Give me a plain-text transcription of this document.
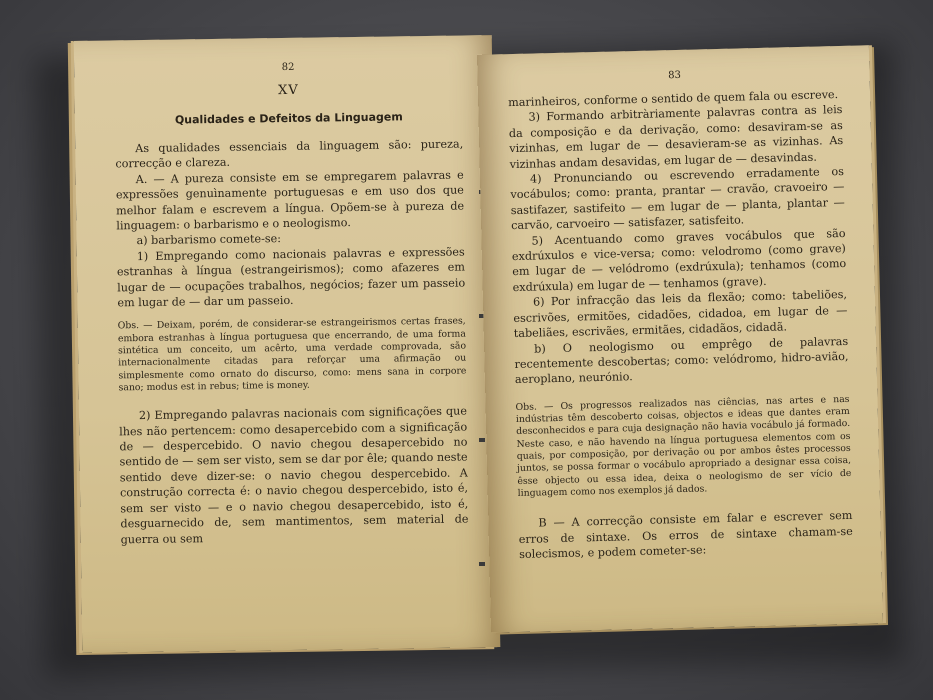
82
XV
Qualidades e Defeitos da Linguagem

As qualidades essenciais da linguagem são: pureza, correcção e clareza.

A. — A pureza consiste em se empregarem palavras e expressões genuìnamente portuguesas e em uso dos que melhor falam e escrevem a língua. Opõem-se à pureza de linguagem: o barbarismo e o neologismo.

a) barbarismo comete-se:

1) Empregando como nacionais palavras e expressões estranhas à língua (estrangeirismos); como afazeres em lugar de — ocupações trabalhos, negócios; fazer um passeio em lugar de — dar um passeio.

Obs. — Deixam, porém, de considerar-se estrangeirismos certas frases, embora estranhas à língua portuguesa que encerrando, de uma forma sintética um conceito, um acêrto, uma verdade comprovada, são internacionalmente citadas para reforçar uma afirmação ou simplesmente como ornato do discurso, como: mens sana in corpore sano; modus est in rebus; time is money.

2) Empregando palavras nacionais com significações que lhes não pertencem: como desapercebido com a significação de — despercebido. O navio chegou desapercebido no sentido de — sem ser visto, sem se dar por êle; quando neste sentido deve dizer-se: o navio chegou despercebido. A construção correcta é: o navio chegou despercebido, isto é, sem ser visto — e o navio chegou desapercebido, isto é, desguarnecido de, sem mantimentos, sem material de guerra ou sem

83

marinheiros, conforme o sentido de quem fala ou escreve.

3) Formando arbitràriamente palavras contra as leis da composição e da derivação, como: desaviram-se as vizinhas, em lugar de — desavieram-se as vizinhas. As vizinhas andam desavidas, em lugar de — desavindas.

4) Pronunciando ou escrevendo erradamente os vocábulos; como: pranta, prantar — cravão, cravoeiro — sastifazer, sastifeito — em lugar de — planta, plantar — carvão, carvoeiro — satisfazer, satisfeito.

5) Acentuando como graves vocábulos que são exdrúxulos e vice-versa; como: velodromo (como grave) em lugar de — velódromo (exdrúxula); tenhamos (como exdrúxula) em lugar de — tenhamos (grave).

6) Por infracção das leis da flexão; como: tabeliões, escrivões, ermitões, cidadões, cidadoa, em lugar de — tabeliães, escrivães, ermitães, cidadãos, cidadã.

b) O neologismo ou emprêgo de palavras recentemente descobertas; como: velódromo, hidro-avião, aeroplano, neurónio.

Obs. — Os progressos realizados nas ciências, nas artes e nas indústrias têm descoberto coisas, objectos e ideas que dantes eram desconhecidos e para cuja designação não havia vocábulo já formado. Neste caso, e não havendo na língua portuguesa elementos com os quais, por composição, por derivação ou por ambos êstes processos juntos, se possa formar o vocábulo apropriado a designar essa coisa, êsse objecto ou essa idea, deixa o neologismo de ser vício de linguagem como nos exemplos já dados.

B — A correcção consiste em falar e escrever sem erros de sintaxe. Os erros de sintaxe chamam-se solecismos, e podem cometer-se:
